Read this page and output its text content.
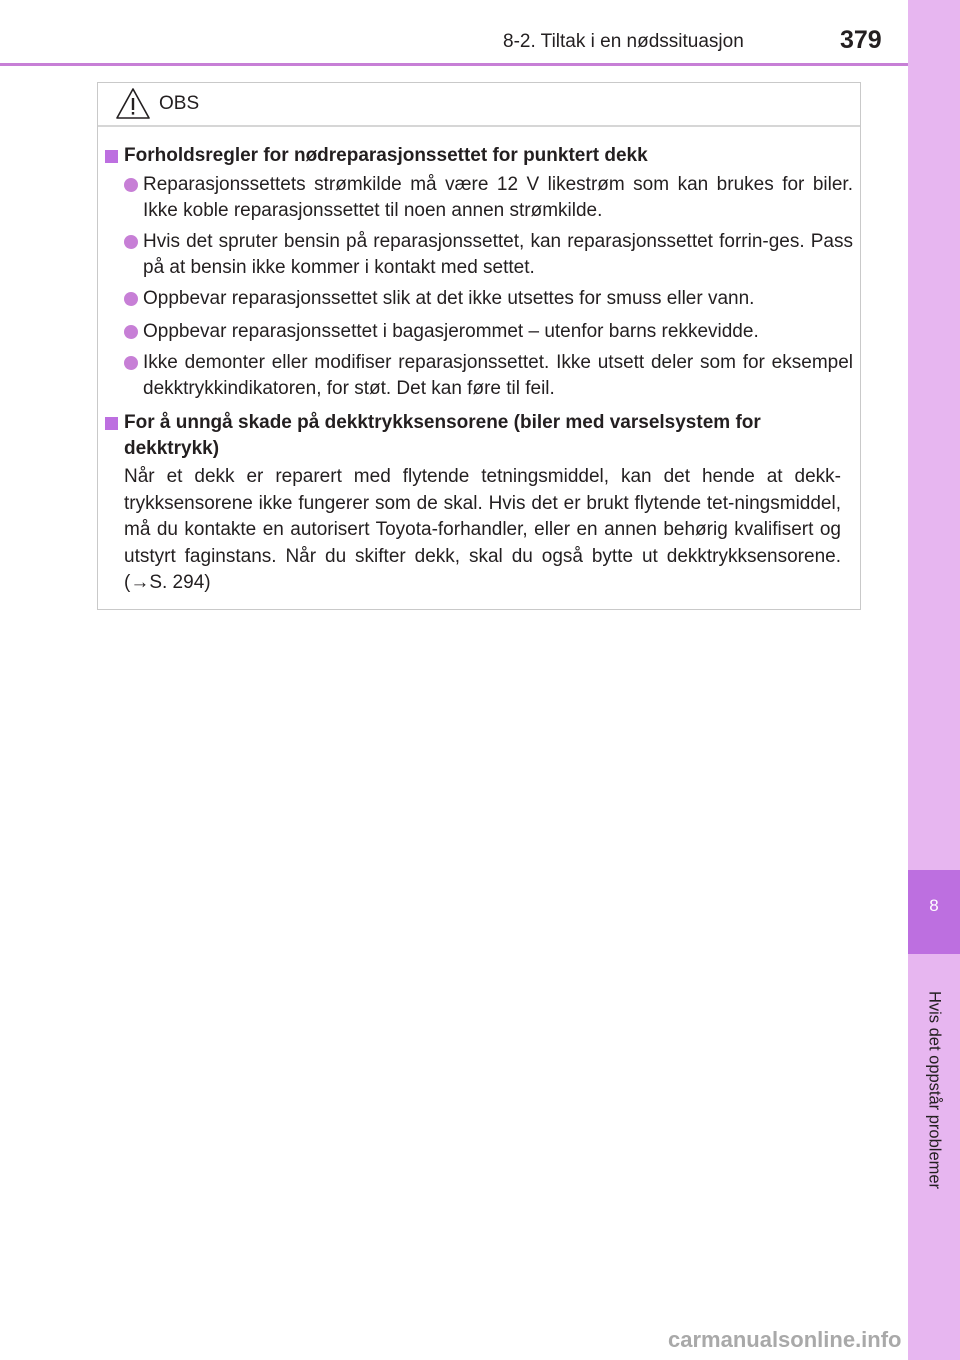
8-2. Tiltak i en nødssituasjon	379
8
Hvis det oppstår problemer
OBS
Forholdsregler for nødreparasjonssettet for punktert dekk
Reparasjonssettets strømkilde må være 12 V likestrøm som kan brukes for biler. Ikke koble reparasjonssettet til noen annen strømkilde.
Hvis det spruter bensin på reparasjonssettet, kan reparasjonssettet forrin-ges. Pass på at bensin ikke kommer i kontakt med settet.
Oppbevar reparasjonssettet slik at det ikke utsettes for smuss eller vann.
Oppbevar reparasjonssettet i bagasjerommet – utenfor barns rekkevidde.
Ikke demonter eller modifiser reparasjonssettet. Ikke utsett deler som for eksempel dekktrykkindikatoren, for støt. Det kan føre til feil.
For å unngå skade på dekktrykksensorene (biler med varselsystem for dekktrykk)
Når et dekk er reparert med flytende tetningsmiddel, kan det hende at dekk-trykksensorene ikke fungerer som de skal. Hvis det er brukt flytende tet-ningsmiddel, må du kontakte en autorisert Toyota-forhandler, eller en annen behørig kvalifisert og utstyrt faginstans. Når du skifter dekk, skal du også bytte ut dekktrykksensorene. (→S. 294)
carmanualsonline.info
